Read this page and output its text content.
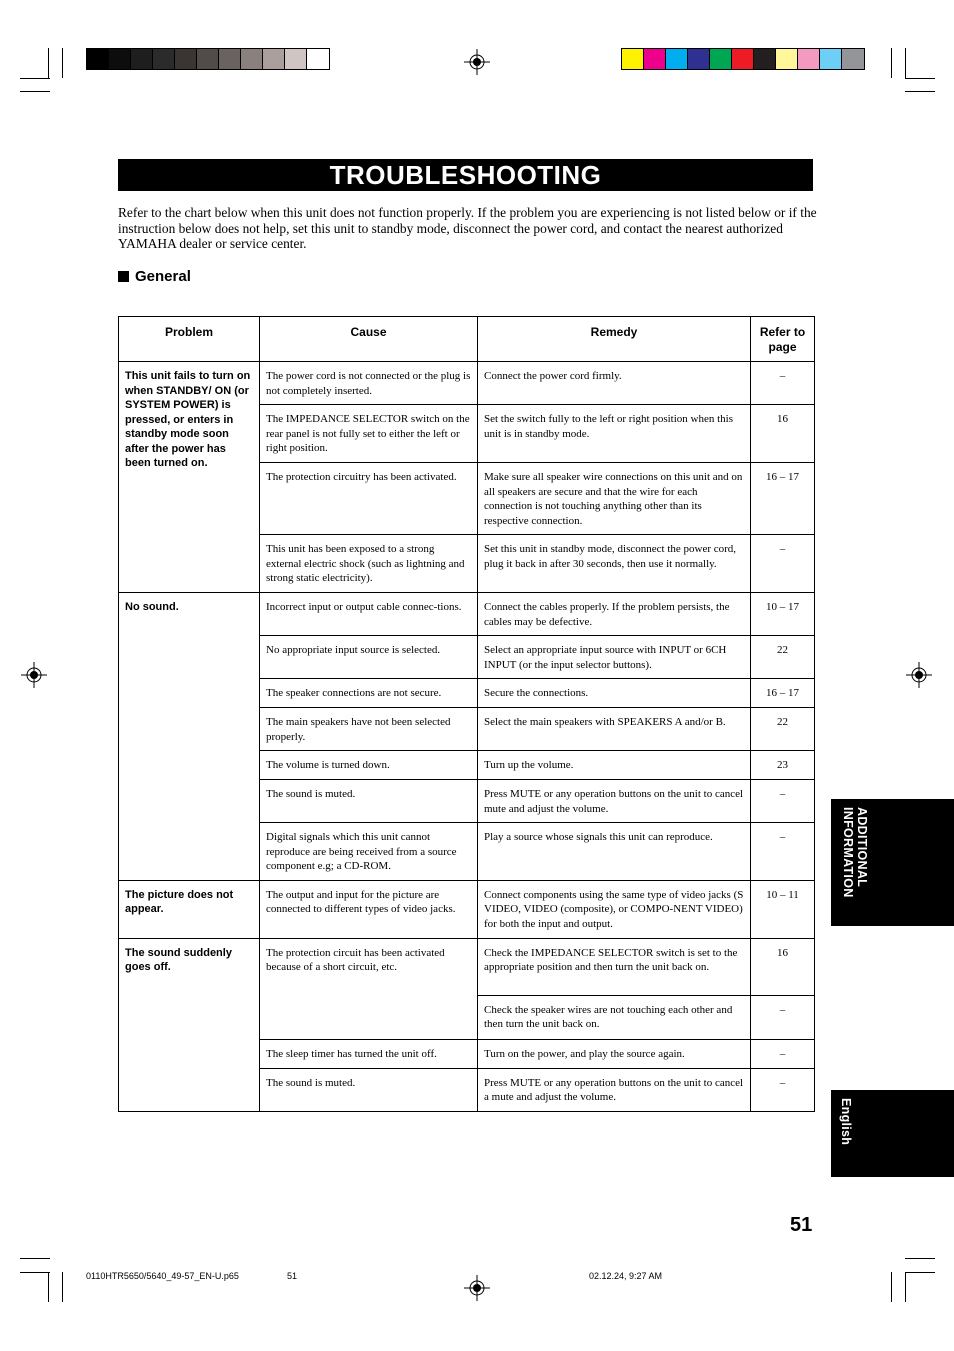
TROUBLESHOOTING
Refer to the chart below when this unit does not function properly. If the problem you are experiencing is not listed below or if the instruction below does not help, set this unit to standby mode, disconnect the power cord, and contact the nearest authorized YAMAHA dealer or service center.
General
Problem	Cause	Remedy	Refer to page
This unit fails to turn on when STANDBY/ ON (or SYSTEM POWER) is pressed, or enters in standby mode soon after the power has been turned on.	The power cord is not connected or the plug is not completely inserted.	Connect the power cord firmly.	–
	The IMPEDANCE SELECTOR switch on the rear panel is not fully set to either the left or right position.	Set the switch fully to the left or right position when this unit is in standby mode.	16
	The protection circuitry has been activated.	Make sure all speaker wire connections on this unit and on all speakers are secure and that the wire for each connection is not touching anything other than its respective connection.	16 – 17
	This unit has been exposed to a strong external electric shock (such as lightning and strong static electricity).	Set this unit in standby mode, disconnect the power cord, plug it back in after 30 seconds, then use it normally.	–
No sound.	Incorrect input or output cable connec-tions.	Connect the cables properly. If the problem persists, the cables may be defective.	10 – 17
	No appropriate input source is selected.	Select an appropriate input source with INPUT or 6CH INPUT (or the input selector buttons).	22
	The speaker connections are not secure.	Secure the connections.	16 – 17
	The main speakers have not been selected properly.	Select the main speakers with SPEAKERS A and/or B.	22
	The volume is turned down.	Turn up the volume.	23
	The sound is muted.	Press MUTE or any operation buttons on the unit to cancel mute and adjust the volume.	–
	Digital signals which this unit cannot reproduce are being received from a source component e.g; a CD-ROM.	Play a source whose signals this unit can reproduce.	–
The picture does not appear.	The output and input for the picture are connected to different types of video jacks.	Connect components using the same type of video jacks (S VIDEO, VIDEO (composite), or COMPO-NENT VIDEO) for both the input and output.	10 – 11
The sound suddenly goes off.	The protection circuit has been activated because of a short circuit, etc.	Check the IMPEDANCE SELECTOR switch is set to the appropriate position and then turn the unit back on.	16
		Check the speaker wires are not touching each other and then turn the unit back on.	–
	The sleep timer has turned the unit off.	Turn on the power, and play the source again.	–
	The sound is muted.	Press MUTE or any operation buttons on the unit to cancel a mute and adjust the volume.	–
ADDITIONAL INFORMATION
English
51
0110HTR5650/5640_49-57_EN-U.p65	51	02.12.24, 9:27 AM
